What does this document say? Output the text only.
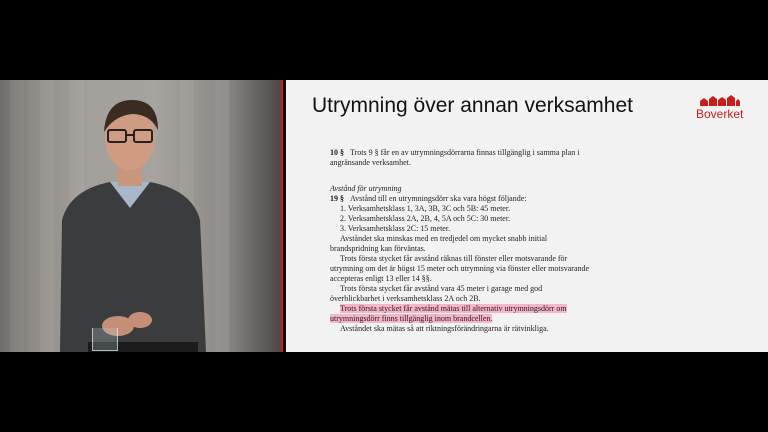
Utrymning över annan verksamhet	Boverket
10 § Trots 9 § får en av utrymningsdörrarna finnas tillgänglig i samma plan i
angränsande verksamhet.
Avstånd för utrymning
19 § Avstånd till en utrymningsdörr ska vara högst följande:
1. Verksamhetsklass 1, 3A, 3B, 3C och 5B: 45 meter.
2. Verksamhetsklass 2A, 2B, 4, 5A och 5C: 30 meter.
3. Verksamhetsklass 2C: 15 meter.
Avståndet ska minskas med en tredjedel om mycket snabb initial
brandspridning kan förväntas.
Trots första stycket får avstånd räknas till fönster eller motsvarande för
utrymning om det är högst 15 meter och utrymning via fönster eller motsvarande
accepteras enligt 13 eller 14 §§.
Trots första stycket får avstånd vara 45 meter i garage med god
överblickbarhet i verksamhetsklass 2A och 2B.
Trots första stycket får avstånd mätas till alternativ utrymningsdörr om
utrymningsdörr finns tillgänglig inom brandcellen.
Avståndet ska mätas så att riktningsförändringarna är rätvinkliga.
